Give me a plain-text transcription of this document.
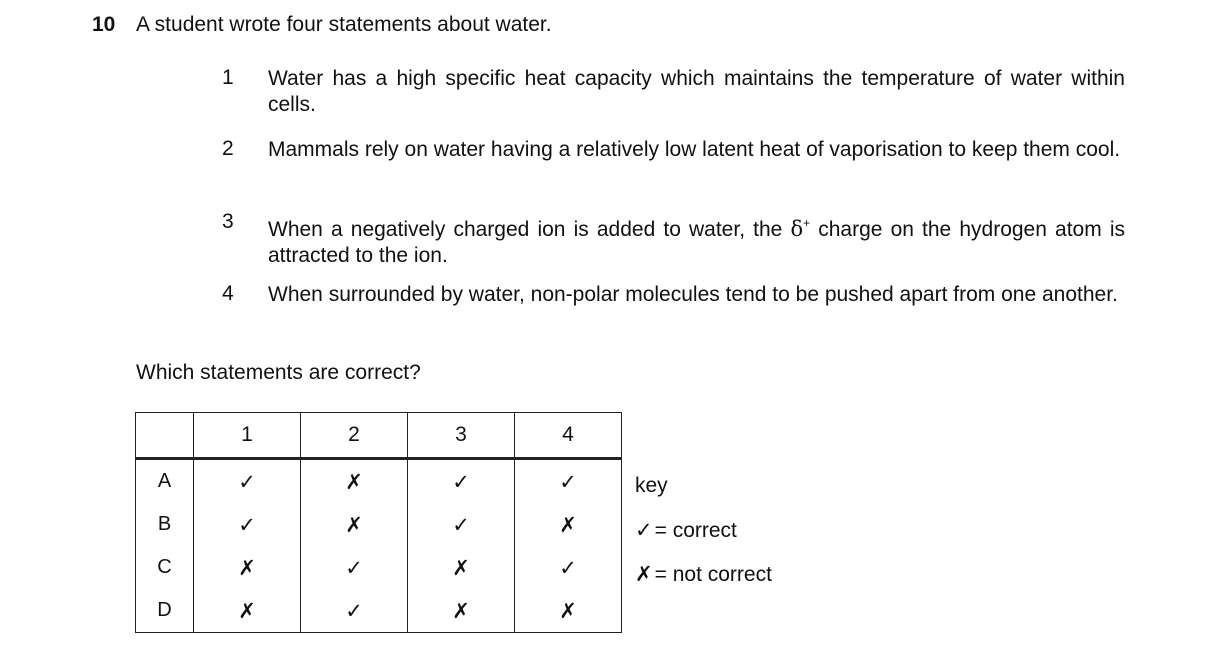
10 A student wrote four statements about water.
1	Water has a high specific heat capacity which maintains the temperature of water within cells.
2	Mammals rely on water having a relatively low latent heat of vaporisation to keep them cool.
3	When a negatively charged ion is added to water, the δ+ charge on the hydrogen atom is attracted to the ion.
4	When surrounded by water, non-polar molecules tend to be pushed apart from one another.
Which statements are correct?
	1	2	3	4
A	✓	✗	✓	✓
B	✓	✗	✓	✗
C	✗	✓	✗	✓
D	✗	✓	✗	✗
key
✓= correct
✗= not correct
